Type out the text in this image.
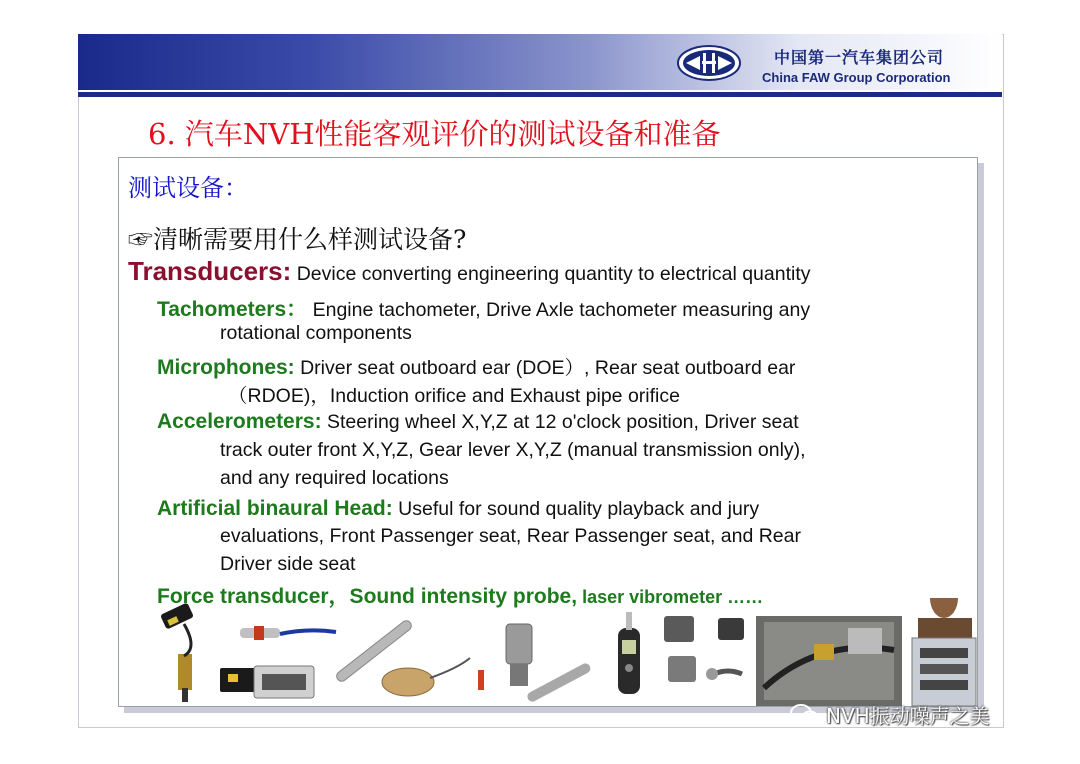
中国第一汽车集团公司
China FAW Group Corporation
6. 汽车NVH性能客观评价的测试设备和准备
测试设备：
☞清晰需要用什么样测试设备?
Transducers: Device converting engineering quantity to electrical quantity
Tachometers： Engine tachometer, Drive Axle tachometer measuring any
rotational components
Microphones: Driver seat outboard ear (DOE）, Rear seat outboard ear
（RDOE)，Induction orifice and Exhaust pipe orifice
Accelerometers: Steering wheel X,Y,Z at 12 o'clock position, Driver seat
track outer front X,Y,Z, Gear lever X,Y,Z (manual transmission only),
and any required locations
Artificial binaural Head: Useful for sound quality playback and jury
evaluations, Front Passenger seat, Rear Passenger seat, and Rear
Driver side seat
Force transducer，Sound intensity probe, laser vibrometer ……
NVH振动噪声之美
